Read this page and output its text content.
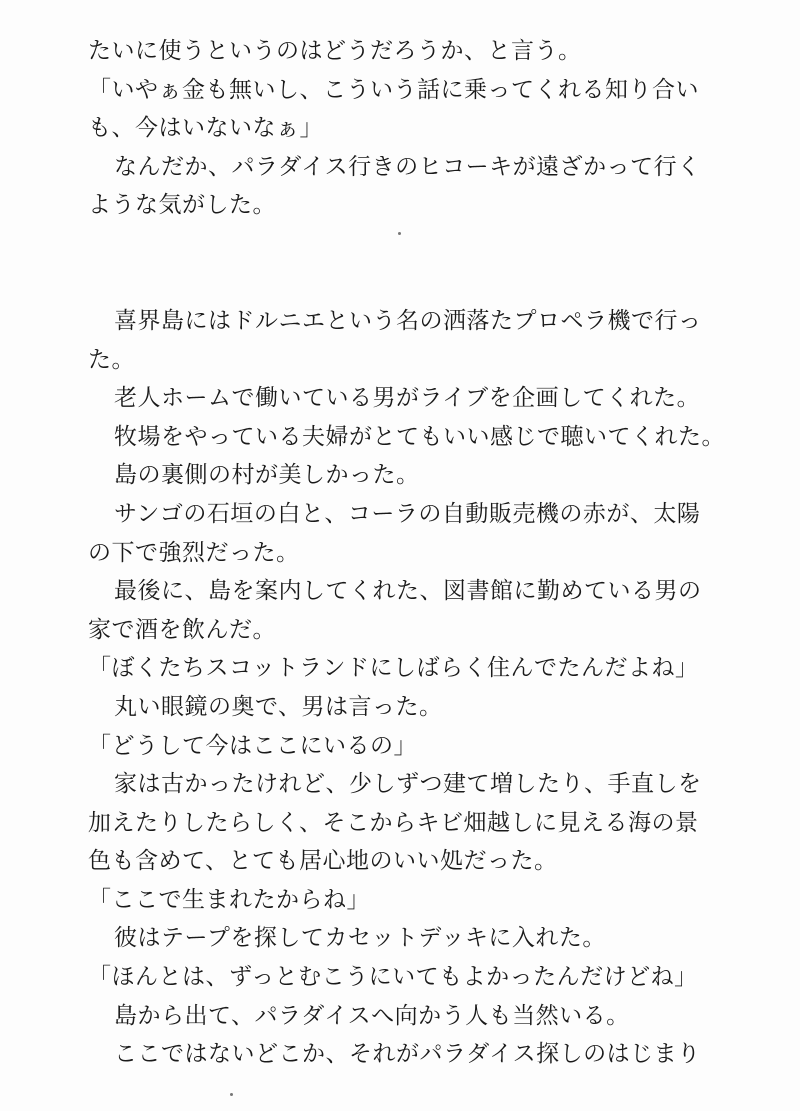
たいに使うというのはどうだろうか、と言う。
「いやぁ金も無いし、こういう話に乗ってくれる知り合い
も、今はいないなぁ」
なんだか、パラダイス行きのヒコーキが遠ざかって行く
ような気がした。
喜界島にはドルニエという名の洒落たプロペラ機で行っ
た。
老人ホームで働いている男がライブを企画してくれた。
牧場をやっている夫婦がとてもいい感じで聴いてくれた。
島の裏側の村が美しかった。
サンゴの石垣の白と、コーラの自動販売機の赤が、太陽
の下で強烈だった。
最後に、島を案内してくれた、図書館に勤めている男の
家で酒を飲んだ。
「ぼくたちスコットランドにしばらく住んでたんだよね」
丸い眼鏡の奥で、男は言った。
「どうして今はここにいるの」
家は古かったけれど、少しずつ建て増したり、手直しを
加えたりしたらしく、そこからキビ畑越しに見える海の景
色も含めて、とても居心地のいい処だった。
「ここで生まれたからね」
彼はテープを探してカセットデッキに入れた。
「ほんとは、ずっとむこうにいてもよかったんだけどね」
島から出て、パラダイスへ向かう人も当然いる。
ここではないどこか、それがパラダイス探しのはじまり
